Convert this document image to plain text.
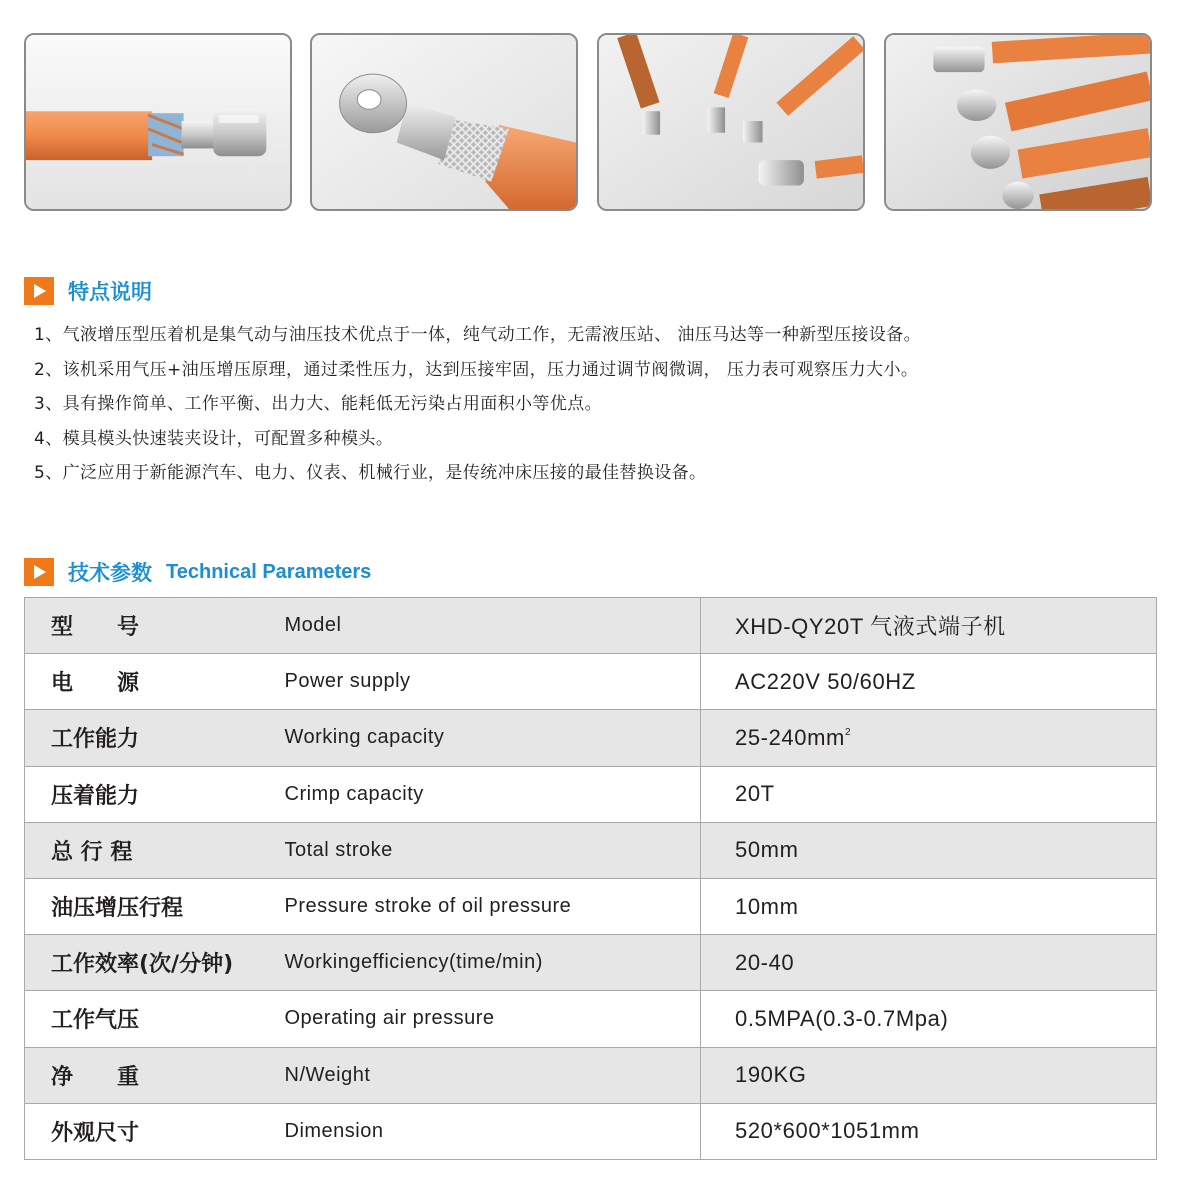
特点说明
1、气液增压型压着机是集气动与油压技术优点于一体，纯气动工作，无需液压站、 油压马达等一种新型压接设备。
2、该机采用气压+油压增压原理，通过柔性压力，达到压接牢固，压力通过调节阀微调， 压力表可观察压力大小。
3、具有操作简单、工作平衡、出力大、能耗低无污染占用面积小等优点。
4、模具模头快速装夹设计，可配置多种模头。
5、广泛应用于新能源汽车、电力、仪表、机械行业，是传统冲床压接的最佳替换设备。
技术参数 Technical Parameters
型　　号	Model	XHD-QY20T 气液式端子机
电　　源	Power supply	AC220V 50/60HZ
工作能力	Working capacity	$25-240mm^2$
压着能力	Crimp capacity	20T
总 行 程	Total stroke	50mm
油压增压行程	Pressure stroke of oil pressure	10mm
工作效率(次/分钟)	Workingefficiency(time/min)	20-40
工作气压	Operating air pressure	0.5MPA(0.3-0.7Mpa)
净　　重	N/Weight	190KG
外观尺寸	Dimension	520*600*1051mm
